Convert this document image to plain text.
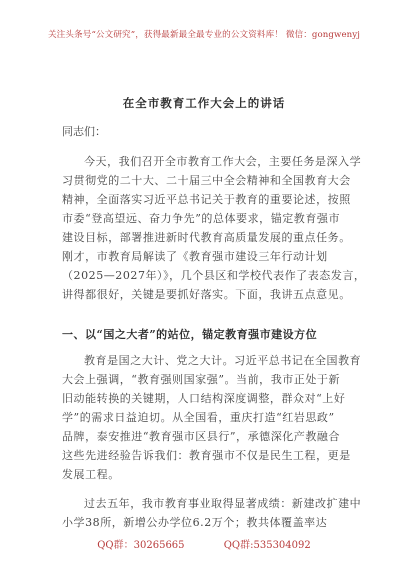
关注头条号“公文研究”，获得最新最全最专业的公文资料库！ 微信：gongwenyj
在全市教育工作大会上的讲话
同志们：
今天，我们召开全市教育工作大会，主要任务是深入学
习贯彻党的二十大、二十届三中全会精神和全国教育大会
精神，全面落实习近平总书记关于教育的重要论述，按照
市委“登高望远、奋力争先”的总体要求，锚定教育强市
建设目标，部署推进新时代教育高质量发展的重点任务。
刚才，市教育局解读了《教育强市建设三年行动计划
（2025—2027年）》，几个县区和学校代表作了表态发言，
讲得都很好，关键是要抓好落实。下面，我讲五点意见。
一、以“国之大者”的站位，锚定教育强市建设方位
教育是国之大计、党之大计。习近平总书记在全国教育
大会上强调，“教育强则国家强”。当前，我市正处于新
旧动能转换的关键期，人口结构深度调整，群众对“上好
学”的需求日益迫切。从全国看，重庆打造“红岩思政”
品牌，泰安推进“教育强市区县行”，承德深化产教融合
这些先进经验告诉我们：教育强市不仅是民生工程，更是
发展工程。
过去五年，我市教育事业取得显著成绩：新建改扩建中
小学38所，新增公办学位6.2万个；教共体覆盖率达
QQ群：30265665	QQ群:535304092
